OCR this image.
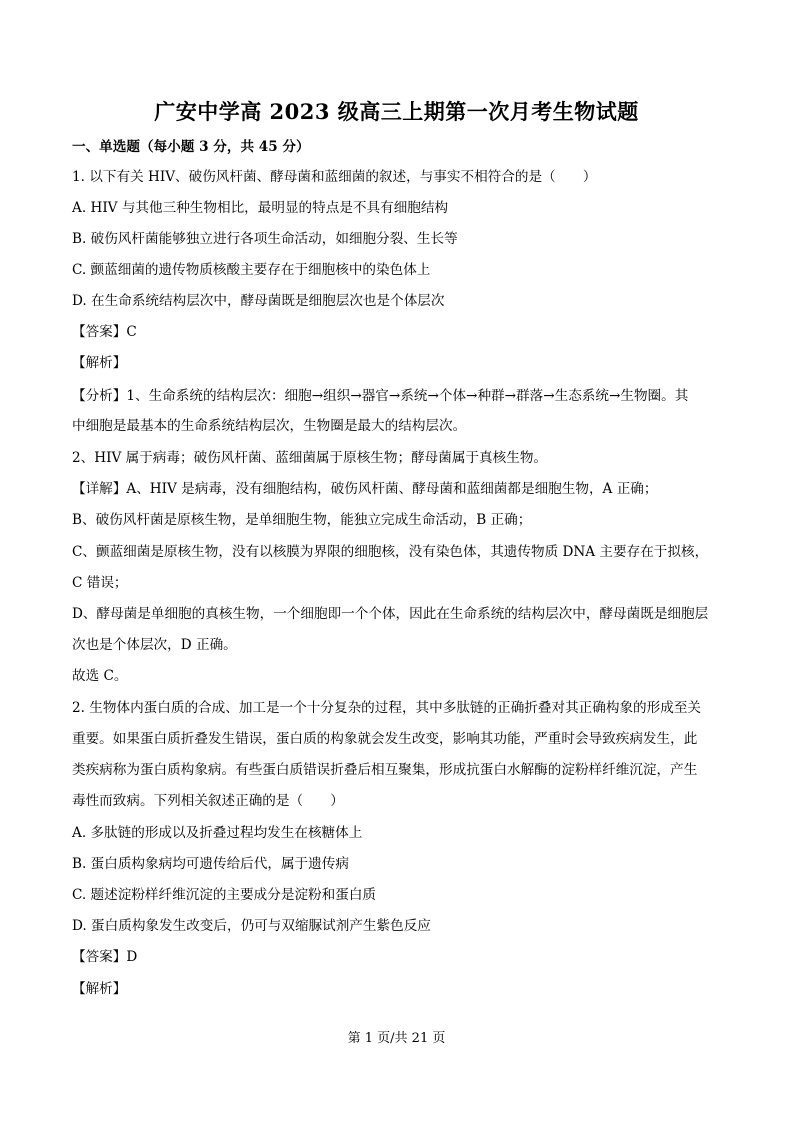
广安中学高 2023 级高三上期第一次月考生物试题
一、单选题（每小题 3 分，共 45 分）
1. 以下有关 HIV、破伤风杆菌、酵母菌和蓝细菌的叙述，与事实不相符合的是（　　）
A. HIV 与其他三种生物相比，最明显的特点是不具有细胞结构
B. 破伤风杆菌能够独立进行各项生命活动，如细胞分裂、生长等
C. 颤蓝细菌的遗传物质核酸主要存在于细胞核中的染色体上
D. 在生命系统结构层次中，酵母菌既是细胞层次也是个体层次
【答案】C
【解析】
【分析】1、生命系统的结构层次：细胞→组织→器官→系统→个体→种群→群落→生态系统→生物圈。其
中细胞是最基本的生命系统结构层次，生物圈是最大的结构层次。
2、HIV 属于病毒；破伤风杆菌、蓝细菌属于原核生物；酵母菌属于真核生物。
【详解】A、HIV 是病毒，没有细胞结构，破伤风杆菌、酵母菌和蓝细菌都是细胞生物，A 正确；
B、破伤风杆菌是原核生物，是单细胞生物，能独立完成生命活动，B 正确；
C、颤蓝细菌是原核生物，没有以核膜为界限的细胞核，没有染色体，其遗传物质 DNA 主要存在于拟核，
C 错误；
D、酵母菌是单细胞的真核生物，一个细胞即一个个体，因此在生命系统的结构层次中，酵母菌既是细胞层
次也是个体层次，D 正确。
故选 C。
2. 生物体内蛋白质的合成、加工是一个十分复杂的过程，其中多肽链的正确折叠对其正确构象的形成至关
重要。如果蛋白质折叠发生错误，蛋白质的构象就会发生改变，影响其功能，严重时会导致疾病发生，此
类疾病称为蛋白质构象病。有些蛋白质错误折叠后相互聚集，形成抗蛋白水解酶的淀粉样纤维沉淀，产生
毒性而致病。下列相关叙述正确的是（　　）
A. 多肽链的形成以及折叠过程均发生在核糖体上
B. 蛋白质构象病均可遗传给后代，属于遗传病
C. 题述淀粉样纤维沉淀的主要成分是淀粉和蛋白质
D. 蛋白质构象发生改变后，仍可与双缩脲试剂产生紫色反应
【答案】D
【解析】
第 1 页/共 21 页
